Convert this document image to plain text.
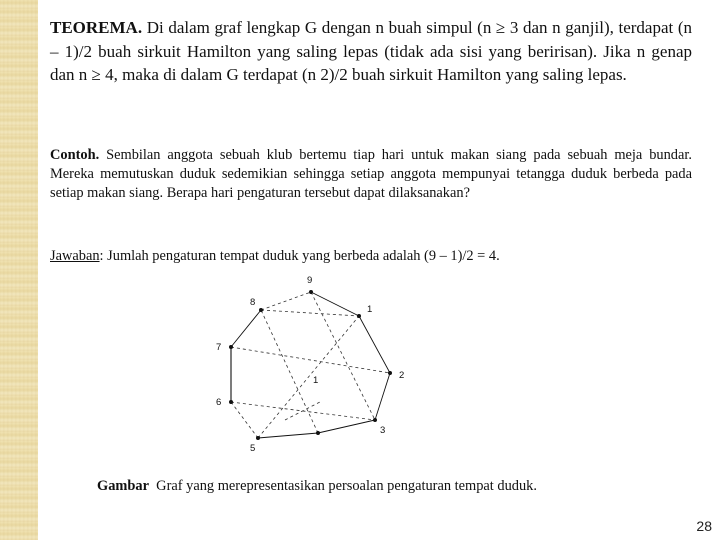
TEOREMA. Di dalam graf lengkap G dengan n buah simpul (n ≥ 3 dan n ganjil), terdapat (n – 1)/2 buah sirkuit Hamilton yang saling lepas (tidak ada sisi yang beririsan). Jika n genap dan n ≥ 4, maka di dalam G terdapat (n 2)/2 buah sirkuit Hamilton yang saling lepas.
Contoh. Sembilan anggota sebuah klub bertemu tiap hari untuk makan siang pada sebuah meja bundar. Mereka memutuskan duduk sedemikian sehingga setiap anggota mempunyai tetangga duduk berbeda pada setiap makan siang. Berapa hari pengaturan tersebut dapat dilaksanakan?
Jawaban: Jumlah pengaturan tempat duduk yang berbeda adalah (9 – 1)/2 = 4.
9
8
1
7
2
6
3
5
1
Gambar Graf yang merepresentasikan persoalan pengaturan tempat duduk.
28
